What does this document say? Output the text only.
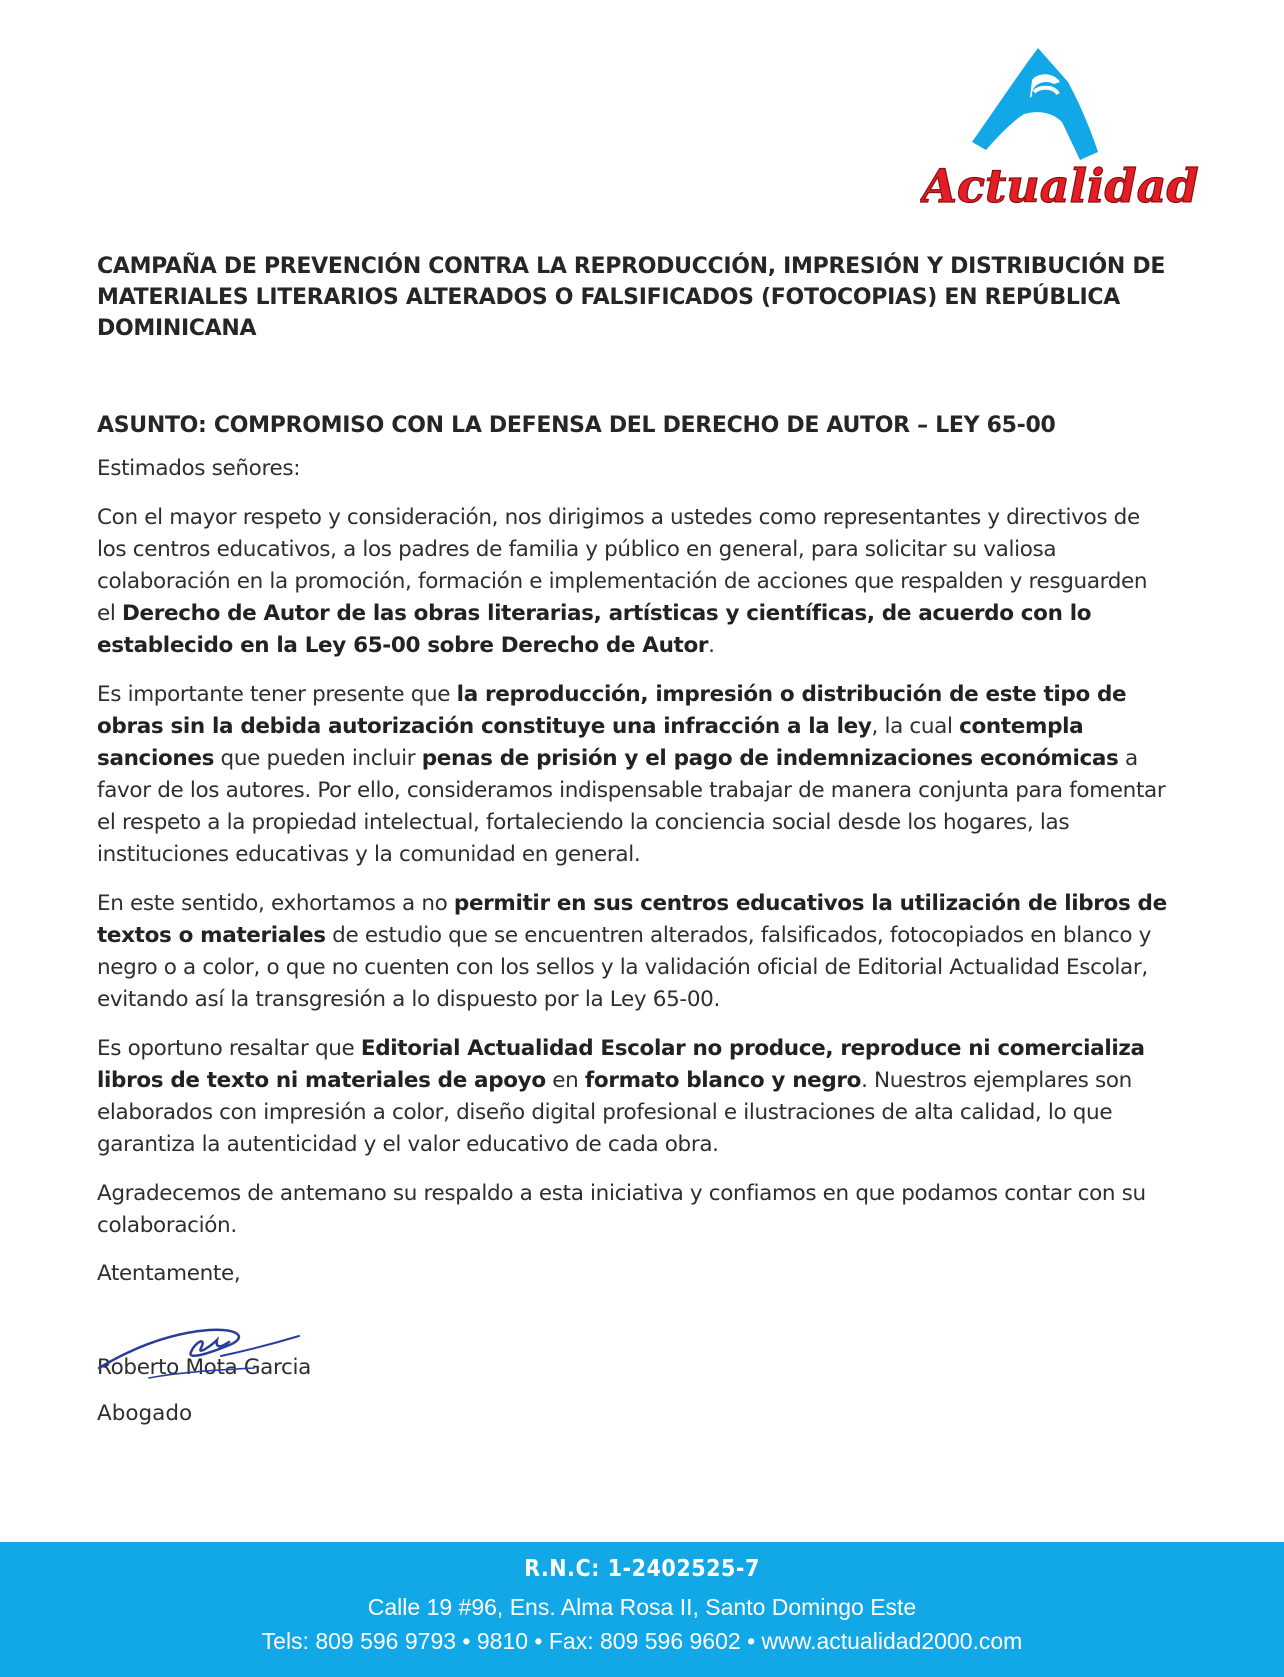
Actualidad
CAMPAÑA DE PREVENCIÓN CONTRA LA REPRODUCCIÓN, IMPRESIÓN Y DISTRIBUCIÓN DE MATERIALES LITERARIOS ALTERADOS O FALSIFICADOS (FOTOCOPIAS) EN REPÚBLICA DOMINICANA
ASUNTO: COMPROMISO CON LA DEFENSA DEL DERECHO DE AUTOR – LEY 65-00

Estimados señores:

Con el mayor respeto y consideración, nos dirigimos a ustedes como representantes y directivos de los centros educativos, a los padres de familia y público en general, para solicitar su valiosa colaboración en la promoción, formación e implementación de acciones que respalden y resguarden el Derecho de Autor de las obras literarias, artísticas y científicas, de acuerdo con lo establecido en la Ley 65-00 sobre Derecho de Autor.

Es importante tener presente que la reproducción, impresión o distribución de este tipo de obras sin la debida autorización constituye una infracción a la ley, la cual contempla sanciones que pueden incluir penas de prisión y el pago de indemnizaciones económicas a favor de los autores. Por ello, consideramos indispensable trabajar de manera conjunta para fomentar el respeto a la propiedad intelectual, fortaleciendo la conciencia social desde los hogares, las instituciones educativas y la comunidad en general.

En este sentido, exhortamos a no permitir en sus centros educativos la utilización de libros de textos o materiales de estudio que se encuentren alterados, falsificados, fotocopiados en blanco y negro o a color, o que no cuenten con los sellos y la validación oficial de Editorial Actualidad Escolar, evitando así la transgresión a lo dispuesto por la Ley 65-00.

Es oportuno resaltar que Editorial Actualidad Escolar no produce, reproduce ni comercializa libros de texto ni materiales de apoyo en formato blanco y negro. Nuestros ejemplares son elaborados con impresión a color, diseño digital profesional e ilustraciones de alta calidad, lo que garantiza la autenticidad y el valor educativo de cada obra.

Agradecemos de antemano su respaldo a esta iniciativa y confiamos en que podamos contar con su colaboración.

Atentamente,

Roberto Mota Garcia

Abogado

R.N.C: 1-2402525-7
Calle 19 #96, Ens. Alma Rosa II, Santo Domingo Este
Tels: 809 596 9793 • 9810 • Fax: 809 596 9602 • www.actualidad2000.com
